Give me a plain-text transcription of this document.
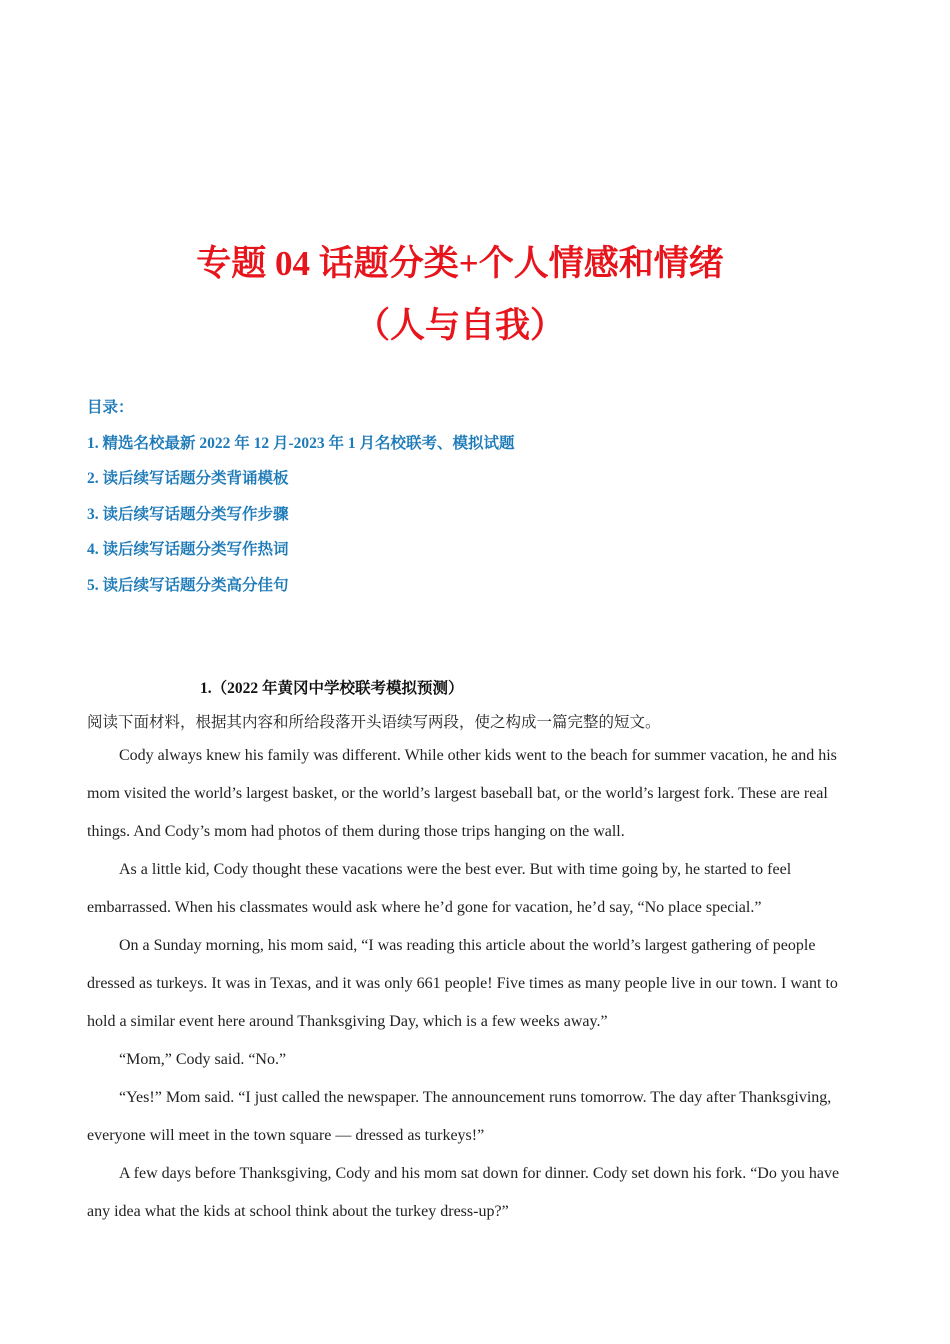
专题 04 话题分类+个人情感和情绪
（人与自我）
目录：
1. 精选名校最新 2022 年 12 月-2023 年 1 月名校联考、模拟试题
2. 读后续写话题分类背诵模板
3. 读后续写话题分类写作步骤
4. 读后续写话题分类写作热词
5. 读后续写话题分类高分佳句

1.（2022 年黄冈中学校联考模拟预测）

阅读下面材料，根据其内容和所给段落开头语续写两段，使之构成一篇完整的短文。

Cody always knew his family was different. While other kids went to the beach for summer vacation, he and his mom visited the world’s largest basket, or the world’s largest baseball bat, or the world’s largest fork. These are real things. And Cody’s mom had photos of them during those trips hanging on the wall.

As a little kid, Cody thought these vacations were the best ever. But with time going by, he started to feel embarrassed. When his classmates would ask where he’d gone for vacation, he’d say, “No place special.”

On a Sunday morning, his mom said, “I was reading this article about the world’s largest gathering of people dressed as turkeys. It was in Texas, and it was only 661 people! Five times as many people live in our town. I want to hold a similar event here around Thanksgiving Day, which is a few weeks away.”

“Mom,” Cody said. “No.”

“Yes!” Mom said. “I just called the newspaper. The announcement runs tomorrow. The day after Thanksgiving, everyone will meet in the town square — dressed as turkeys!”

A few days before Thanksgiving, Cody and his mom sat down for dinner. Cody set down his fork. “Do you have any idea what the kids at school think about the turkey dress-up?”
